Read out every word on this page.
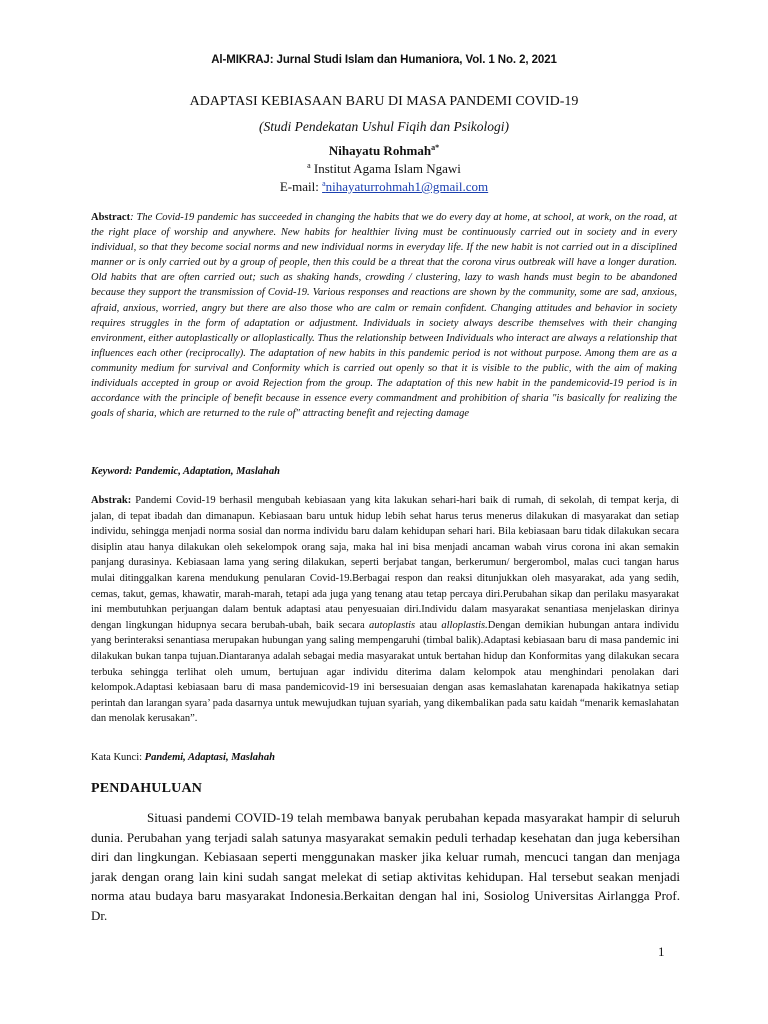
Al-MIKRAJ: Jurnal Studi Islam dan Humaniora, Vol. 1 No. 2, 2021
ADAPTASI KEBIASAAN BARU DI MASA PANDEMI COVID-19
(Studi Pendekatan Ushul Fiqih dan Psikologi)
Nihayatu Rohmah$^{a*}$
$^a$ Institut Agama Islam Ngawi
E-mail: $^a$nihayaturrohmah1@gmail.com
Abstract: The Covid-19 pandemic has succeeded in changing the habits that we do every day at home, at school, at work, on the road, at the right place of worship and anywhere. New habits for healthier living must be continuously carried out in society and in every individual, so that they become social norms and new individual norms in everyday life. If the new habit is not carried out in a disciplined manner or is only carried out by a group of people, then this could be a threat that the corona virus outbreak will have a longer duration. Old habits that are often carried out; such as shaking hands, crowding / clustering, lazy to wash hands must begin to be abandoned because they support the transmission of Covid-19. Various responses and reactions are shown by the community, some are sad, anxious, afraid, anxious, worried, angry but there are also those who are calm or remain confident. Changing attitudes and behavior in society requires struggles in the form of adaptation or adjustment. Individuals in society always describe themselves with their changing environment, either autoplastically or alloplastically. Thus the relationship between Individuals who interact are always a relationship that influences each other (reciprocally). The adaptation of new habits in this pandemic period is not without purpose. Among them are as a community medium for survival and Conformity which is carried out openly so that it is visible to the public, with the aim of making individuals accepted in group or avoid Rejection from the group. The adaptation of this new habit in the pandemicovid-19 period is in accordance with the principle of benefit because in essence every commandment and prohibition of sharia "is basically for realizing the goals of sharia, which are returned to the rule of" attracting benefit and rejecting damage
Keyword: Pandemic, Adaptation, Maslahah
Abstrak: Pandemi Covid-19 berhasil mengubah kebiasaan yang kita lakukan sehari-hari baik di rumah, di sekolah, di tempat kerja, di jalan, di tepat ibadah dan dimanapun. Kebiasaan baru untuk hidup lebih sehat harus terus menerus dilakukan di masyarakat dan setiap individu, sehingga menjadi norma sosial dan norma individu baru dalam kehidupan sehari hari. Bila kebiasaan baru tidak dilakukan secara disiplin atau hanya dilakukan oleh sekelompok orang saja, maka hal ini bisa menjadi ancaman wabah virus corona ini akan semakin panjang durasinya. Kebiasaan lama yang sering dilakukan, seperti berjabat tangan, berkerumun/ bergerombol, malas cuci tangan harus mulai ditinggalkan karena mendukung penularan Covid-19.Berbagai respon dan reaksi ditunjukkan oleh masyarakat, ada yang sedih, cemas, takut, gemas, khawatir, marah-marah, tetapi ada juga yang tenang atau tetap percaya diri.Perubahan sikap dan perilaku masyarakat ini membutuhkan perjuangan dalam bentuk adaptasi atau penyesuaian diri.Individu dalam masyarakat senantiasa menjelaskan dirinya dengan lingkungan hidupnya secara berubah-ubah, baik secara autoplastis atau alloplastis.Dengan demikian hubungan antara individu yang berinteraksi senantiasa merupakan hubungan yang saling mempengaruhi (timbal balik).Adaptasi kebiasaan baru di masa pandemic ini dilakukan bukan tanpa tujuan.Diantaranya adalah sebagai media masyarakat untuk bertahan hidup dan Konformitas yang dilakukan secara terbuka sehingga terlihat oleh umum, bertujuan agar individu diterima dalam kelompok atau menghindari penolakan dari kelompok.Adaptasi kebiasaan baru di masa pandemicovid-19 ini bersesuaian dengan asas kemaslahatan karenapada hakikatnya setiap perintah dan larangan syara’ pada dasarnya untuk mewujudkan tujuan syariah, yang dikembalikan pada satu kaidah “menarik kemaslahatan dan menolak kerusakan”.
Kata Kunci: Pandemi, Adaptasi, Maslahah
PENDAHULUAN
Situasi pandemi COVID-19 telah membawa banyak perubahan kepada masyarakat hampir di seluruh dunia. Perubahan yang terjadi salah satunya masyarakat semakin peduli terhadap kesehatan dan juga kebersihan diri dan lingkungan. Kebiasaan seperti menggunakan masker jika keluar rumah, mencuci tangan dan menjaga jarak dengan orang lain kini sudah sangat melekat di setiap aktivitas kehidupan. Hal tersebut seakan menjadi norma atau budaya baru masyarakat Indonesia.Berkaitan dengan hal ini, Sosiolog Universitas Airlangga Prof. Dr.
1
